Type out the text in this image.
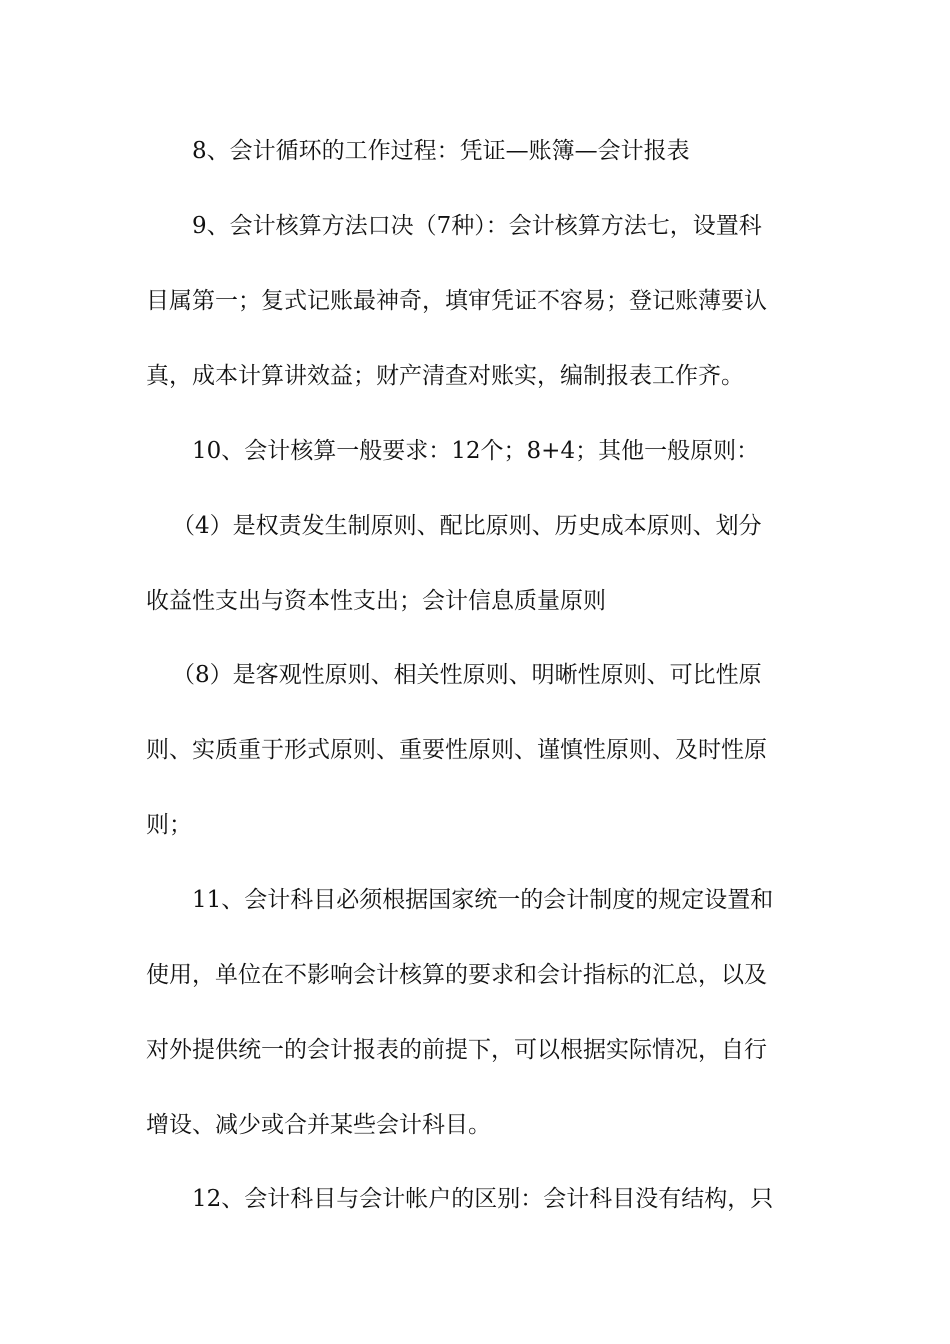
8、会计循环的工作过程：凭证—账簿—会计报表
9、会计核算方法口决（7种）：会计核算方法七，设置科
目属第一；复式记账最神奇，填审凭证不容易；登记账薄要认
真，成本计算讲效益；财产清查对账实，编制报表工作齐。
10、会计核算一般要求：12个；8+4；其他一般原则：
（4）是权责发生制原则、配比原则、历史成本原则、划分
收益性支出与资本性支出；会计信息质量原则
（8）是客观性原则、相关性原则、明晰性原则、可比性原
则、实质重于形式原则、重要性原则、谨慎性原则、及时性原
则；
11、会计科目必须根据国家统一的会计制度的规定设置和
使用，单位在不影响会计核算的要求和会计指标的汇总，以及
对外提供统一的会计报表的前提下，可以根据实际情况，自行
增设、减少或合并某些会计科目。
12、会计科目与会计帐户的区别：会计科目没有结构，只
